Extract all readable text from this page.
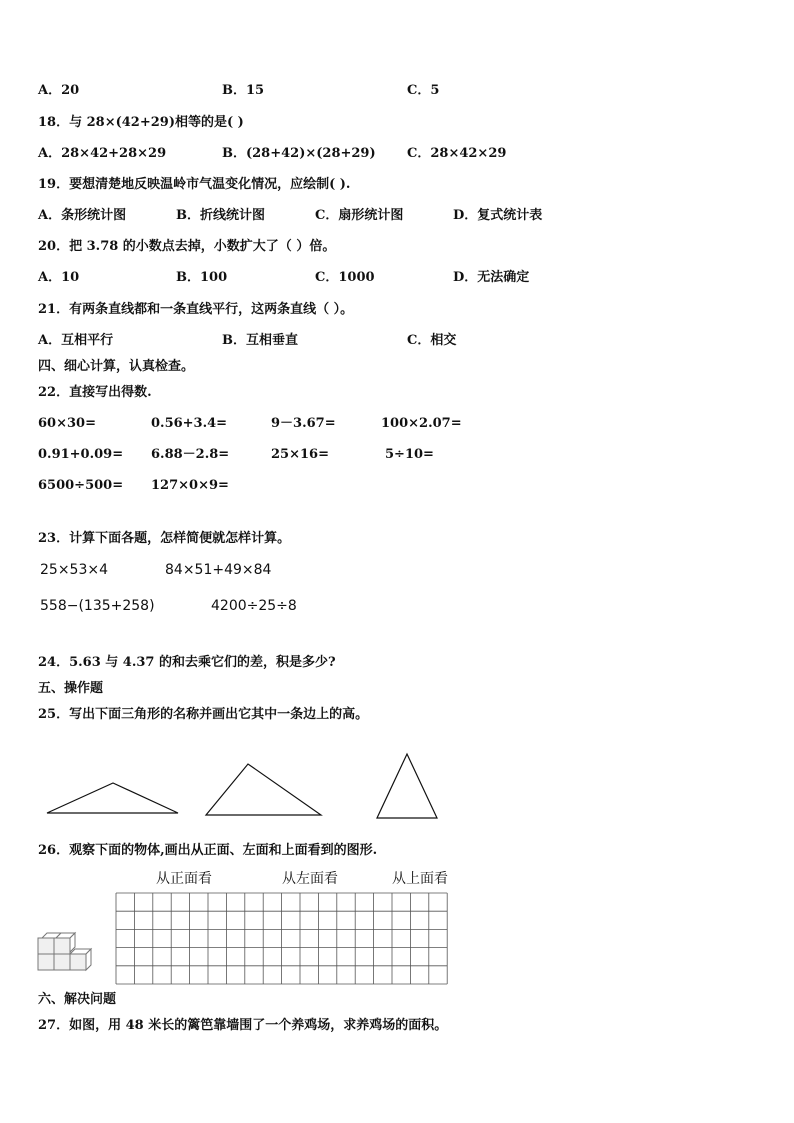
A．20	B．15	C．5
18．与 28×(42+29)相等的是( )
A．28×42+28×29	B．(28+42)×(28+29) C．28×42×29
19．要想清楚地反映温岭市气温变化情况，应绘制( ).
A．条形统计图	B．折线统计图	C．扇形统计图	D．复式统计表
20．把 3.78 的小数点去掉，小数扩大了（ ）倍。
A．10	B．100	C．1000	D．无法确定
21．有两条直线都和一条直线平行，这两条直线（ ）。
A．互相平行	B．互相垂直	C．相交
四、细心计算，认真检查。
22．直接写出得数.
60×30=	0.56+3.4=	9－3.67=	100×2.07=
0.91+0.09= 6.88－2.8=	25×16=	5÷10=
6500÷500= 127×0×9=
23．计算下面各题，怎样简便就怎样计算。
25×53×4	84×51+49×84
558−(135+258)	4200÷25÷8
24．5.63 与 4.37 的和去乘它们的差，积是多少?
五、操作题
25．写出下面三角形的名称并画出它其中一条边上的高。
26．观察下面的物体,画出从正面、左面和上面看到的图形.
从正面看	从左面看	从上面看
六、解决问题
27．如图，用 48 米长的篱笆靠墙围了一个养鸡场，求养鸡场的面积。
